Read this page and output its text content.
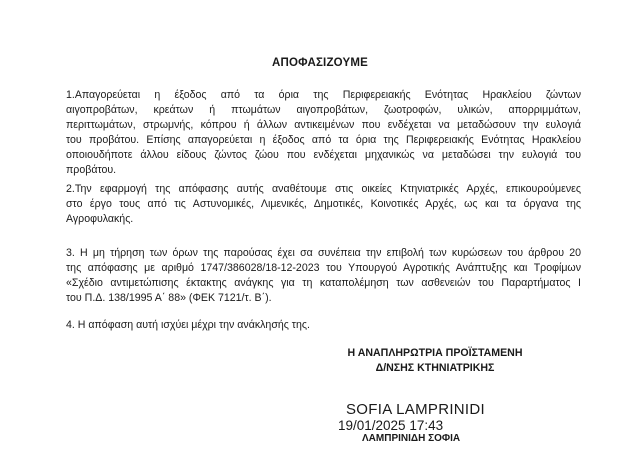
ΑΠΟΦΑΣΙΖΟΥΜΕ
1.Απαγορεύεται η έξοδος από τα όρια της Περιφερειακής Ενότητας Ηρακλείου ζώντων
αιγοπροβάτων, κρεάτων ή πτωμάτων αιγοπροβάτων, ζωοτροφών, υλικών, απορριμμάτων,
περιττωμάτων, στρωμνής, κόπρου ή άλλων αντικειμένων που ενδέχεται να μεταδώσουν την ευλογιά
του προβάτου. Επίσης απαγορεύεται η έξοδος από τα όρια της Περιφερειακής Ενότητας Ηρακλείου
οποιουδήποτε άλλου είδους ζώντος ζώου που ενδέχεται μηχανικώς να μεταδώσει την ευλογιά του
προβάτου.
2.Την εφαρμογή της απόφασης αυτής αναθέτουμε στις οικείες Κτηνιατρικές Αρχές, επικουρούμενες
στο έργο τους από τις Αστυνομικές, Λιμενικές, Δημοτικές, Κοινοτικές Αρχές, ως και τα όργανα της
Αγροφυλακής.
3. Η μη τήρηση των όρων της παρούσας έχει σα συνέπεια την επιβολή των κυρώσεων του άρθρου 20
της απόφασης με αριθμό 1747/386028/18-12-2023 του Υπουργού Αγροτικής Ανάπτυξης και Τροφίμων
«Σχέδιο αντιμετώπισης έκτακτης ανάγκης για τη καταπολέμηση των ασθενειών του Παραρτήματος Ι
του Π.Δ. 138/1995 Α΄ 88» (ΦΕΚ 7121/τ. Β΄).
4. Η απόφαση αυτή ισχύει μέχρι την ανάκλησής της.
Η ΑΝΑΠΛΗΡΩΤΡΙΑ ΠΡΟΪΣΤΑΜΕΝΗ
Δ/ΝΣΗΣ ΚΤΗΝΙΑΤΡΙΚΗΣ
SOFIA LAMPRINIDI
19/01/2025 17:43
ΛΑΜΠΡΙΝΙΔΗ ΣΟΦΙΑ
